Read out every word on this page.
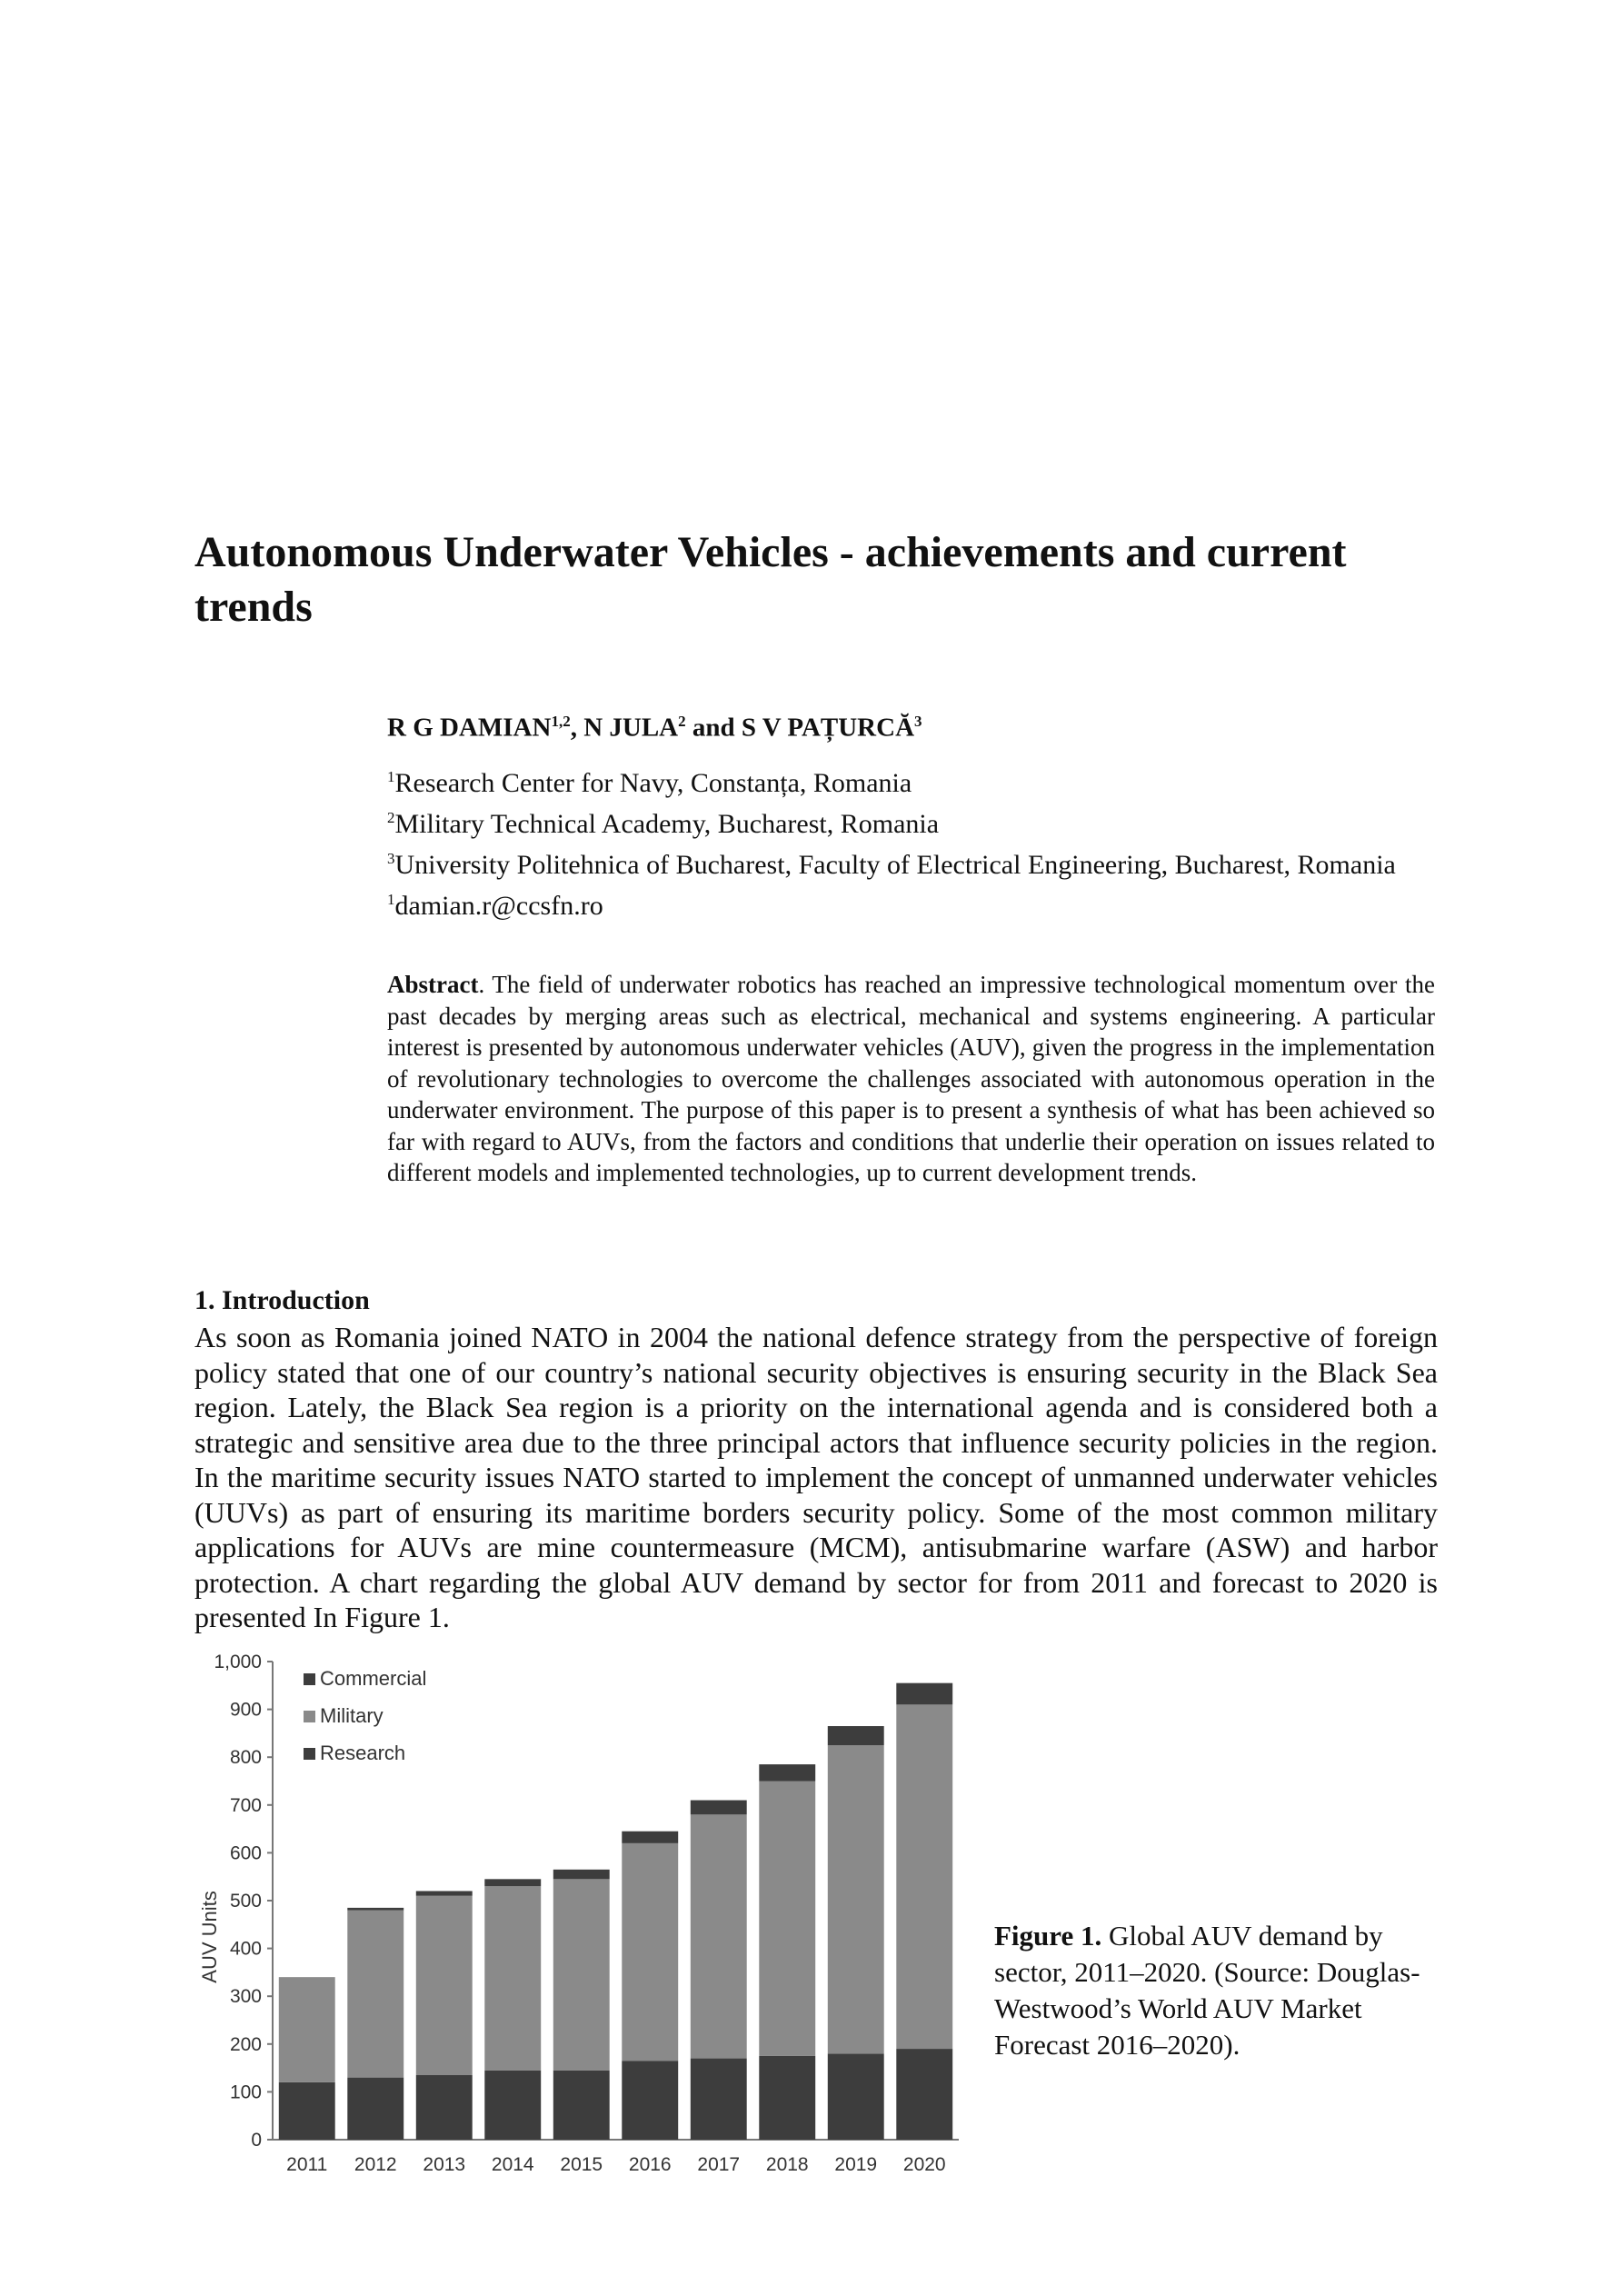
Autonomous Underwater Vehicles - achievements and current trends
R G DAMIAN$^{1,2}$, N JULA$^2$ and S V PAȚURCĂ$^3$
$^1$Research Center for Navy, Constanța, Romania
$^2$Military Technical Academy, Bucharest, Romania
$^3$University Politehnica of Bucharest, Faculty of Electrical Engineering, Bucharest, Romania
$^1$damian.r@ccsfn.ro
Abstract. The field of underwater robotics has reached an impressive technological momentum over the past decades by merging areas such as electrical, mechanical and systems engineering. A particular interest is presented by autonomous underwater vehicles (AUV), given the progress in the implementation of revolutionary technologies to overcome the challenges associated with autonomous operation in the underwater environment. The purpose of this paper is to present a synthesis of what has been achieved so far with regard to AUVs, from the factors and conditions that underlie their operation on issues related to different models and implemented technologies, up to current development trends.
1. Introduction
As soon as Romania joined NATO in 2004 the national defence strategy from the perspective of foreign policy stated that one of our country’s national security objectives is ensuring security in the Black Sea region. Lately, the Black Sea region is a priority on the international agenda and is considered both a strategic and sensitive area due to the three principal actors that influence security policies in the region. In the maritime security issues NATO started to implement the concept of unmanned underwater vehicles (UUVs) as part of ensuring its maritime borders security policy. Some of the most common military applications for AUVs are mine countermeasure (MCM), antisubmarine warfare (ASW) and harbor protection. A chart regarding the global AUV demand by sector for from 2011 and forecast to 2020 is presented In Figure 1.
0
100
200
300
400
500
600
700
800
900
1,000
AUV Units
2011 2012 2013 2014 2015 2016 2017 2018 2019 2020
Commercial
Military
Research
Figure 1. Global AUV demand by sector, 2011–2020. (Source: Douglas-Westwood’s World AUV Market Forecast 2016–2020).
